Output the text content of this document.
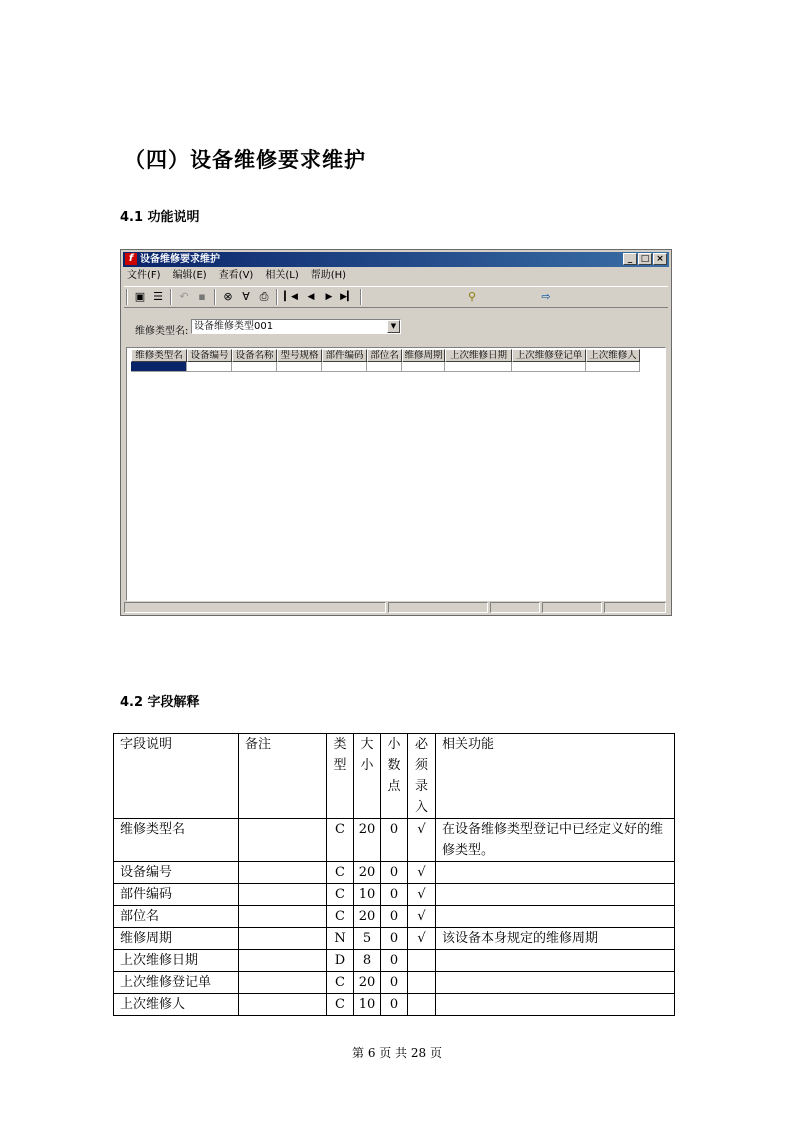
（四）设备维修要求维护
4.1 功能说明
f 设备维修要求维护	_ □ ×
文件(F) 编辑(E) 查看(V) 相关(L) 帮助(H)
▣ ☰	↶ ▪	⊗ ∀ ⎙	▎◀	◀	▶ ▶▎	⚲	⇨
维修类型名: 设备维修类型001	▼
维修类型名 设备编号 设备名称 型号规格 部件编码 部位名 维修周期 上次维修日期 上次维修登记单 上次维修人
4.2 字段解释
字段说明	备注	类型	大小	小数点	必须录入	相关功能
维修类型名		C	20	0	√	在设备维修类型登记中已经定义好的维修类型。
设备编号		C	20	0	√	
部件编码		C	10	0	√	
部位名		C	20	0	√	
维修周期		N	5	0	√	该设备本身规定的维修周期
上次维修日期		D	8	0		
上次维修登记单		C	20	0		
上次维修人		C	10	0		
第 6 页 共 28 页
